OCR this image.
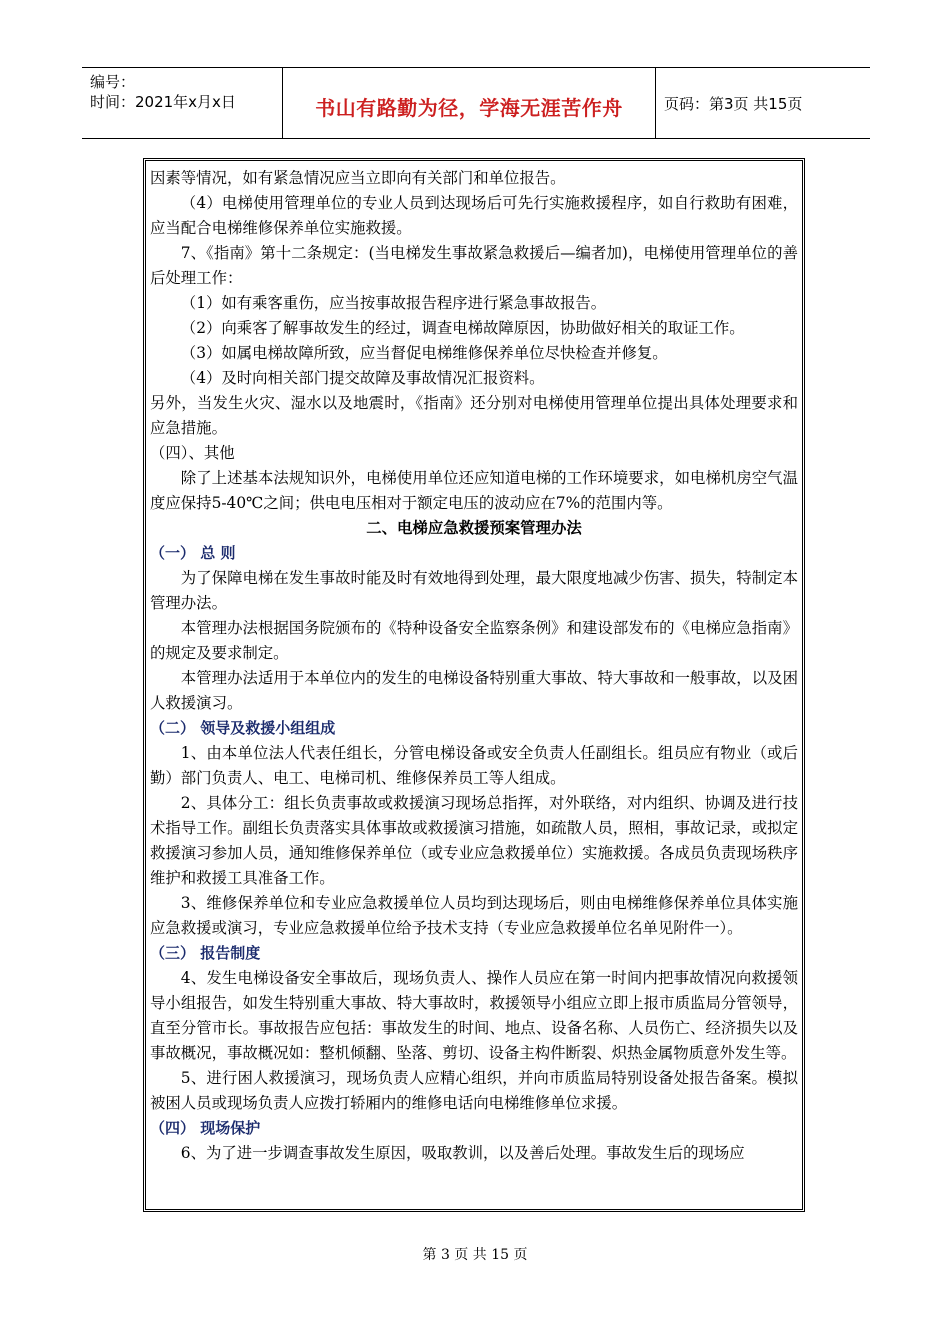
编号：
时间：2021年x月x日	书山有路勤为径，学海无涯苦作舟	页码：第3页 共15页

因素等情况，如有紧急情况应当立即向有关部门和单位报告。

（4）电梯使用管理单位的专业人员到达现场后可先行实施救援程序，如自行救助有困难，应当配合电梯维修保养单位实施救援。

7、《指南》第十二条规定：(当电梯发生事故紧急救援后—编者加)，电梯使用管理单位的善后处理工作：

（1）如有乘客重伤，应当按事故报告程序进行紧急事故报告。

（2）向乘客了解事故发生的经过，调查电梯故障原因，协助做好相关的取证工作。

（3）如属电梯故障所致，应当督促电梯维修保养单位尽快检查并修复。

（4）及时向相关部门提交故障及事故情况汇报资料。

另外，当发生火灾、湿水以及地震时，《指南》还分别对电梯使用管理单位提出具体处理要求和应急措施。

（四）、其他

除了上述基本法规知识外，电梯使用单位还应知道电梯的工作环境要求，如电梯机房空气温度应保持5-40℃之间；供电电压相对于额定电压的波动应在7%的范围内等。

二、电梯应急救援预案管理办法

（一） 总 则

为了保障电梯在发生事故时能及时有效地得到处理，最大限度地减少伤害、损失，特制定本管理办法。

本管理办法根据国务院颁布的《特种设备安全监察条例》和建设部发布的《电梯应急指南》的规定及要求制定。

本管理办法适用于本单位内的发生的电梯设备特别重大事故、特大事故和一般事故，以及困人救援演习。

（二） 领导及救援小组组成

1、由本单位法人代表任组长，分管电梯设备或安全负责人任副组长。组员应有物业（或后勤）部门负责人、电工、电梯司机、维修保养员工等人组成。

2、具体分工：组长负责事故或救援演习现场总指挥，对外联络，对内组织、协调及进行技术指导工作。副组长负责落实具体事故或救援演习措施，如疏散人员，照相，事故记录，或拟定救援演习参加人员，通知维修保养单位（或专业应急救援单位）实施救援。各成员负责现场秩序维护和救援工具准备工作。

3、维修保养单位和专业应急救援单位人员均到达现场后，则由电梯维修保养单位具体实施应急救援或演习，专业应急救援单位给予技术支持（专业应急救援单位名单见附件一）。

（三） 报告制度

4、发生电梯设备安全事故后，现场负责人、操作人员应在第一时间内把事故情况向救援领导小组报告，如发生特别重大事故、特大事故时，救援领导小组应立即上报市质监局分管领导，直至分管市长。事故报告应包括：事故发生的时间、地点、设备名称、人员伤亡、经济损失以及事故概况，事故概况如：整机倾翻、坠落、剪切、设备主构件断裂、炽热金属物质意外发生等。

5、进行困人救援演习，现场负责人应精心组织，并向市质监局特别设备处报告备案。模拟被困人员或现场负责人应拨打轿厢内的维修电话向电梯维修单位求援。

（四） 现场保护

6、为了进一步调查事故发生原因，吸取教训，以及善后处理。事故发生后的现场应

第 3 页 共 15 页
